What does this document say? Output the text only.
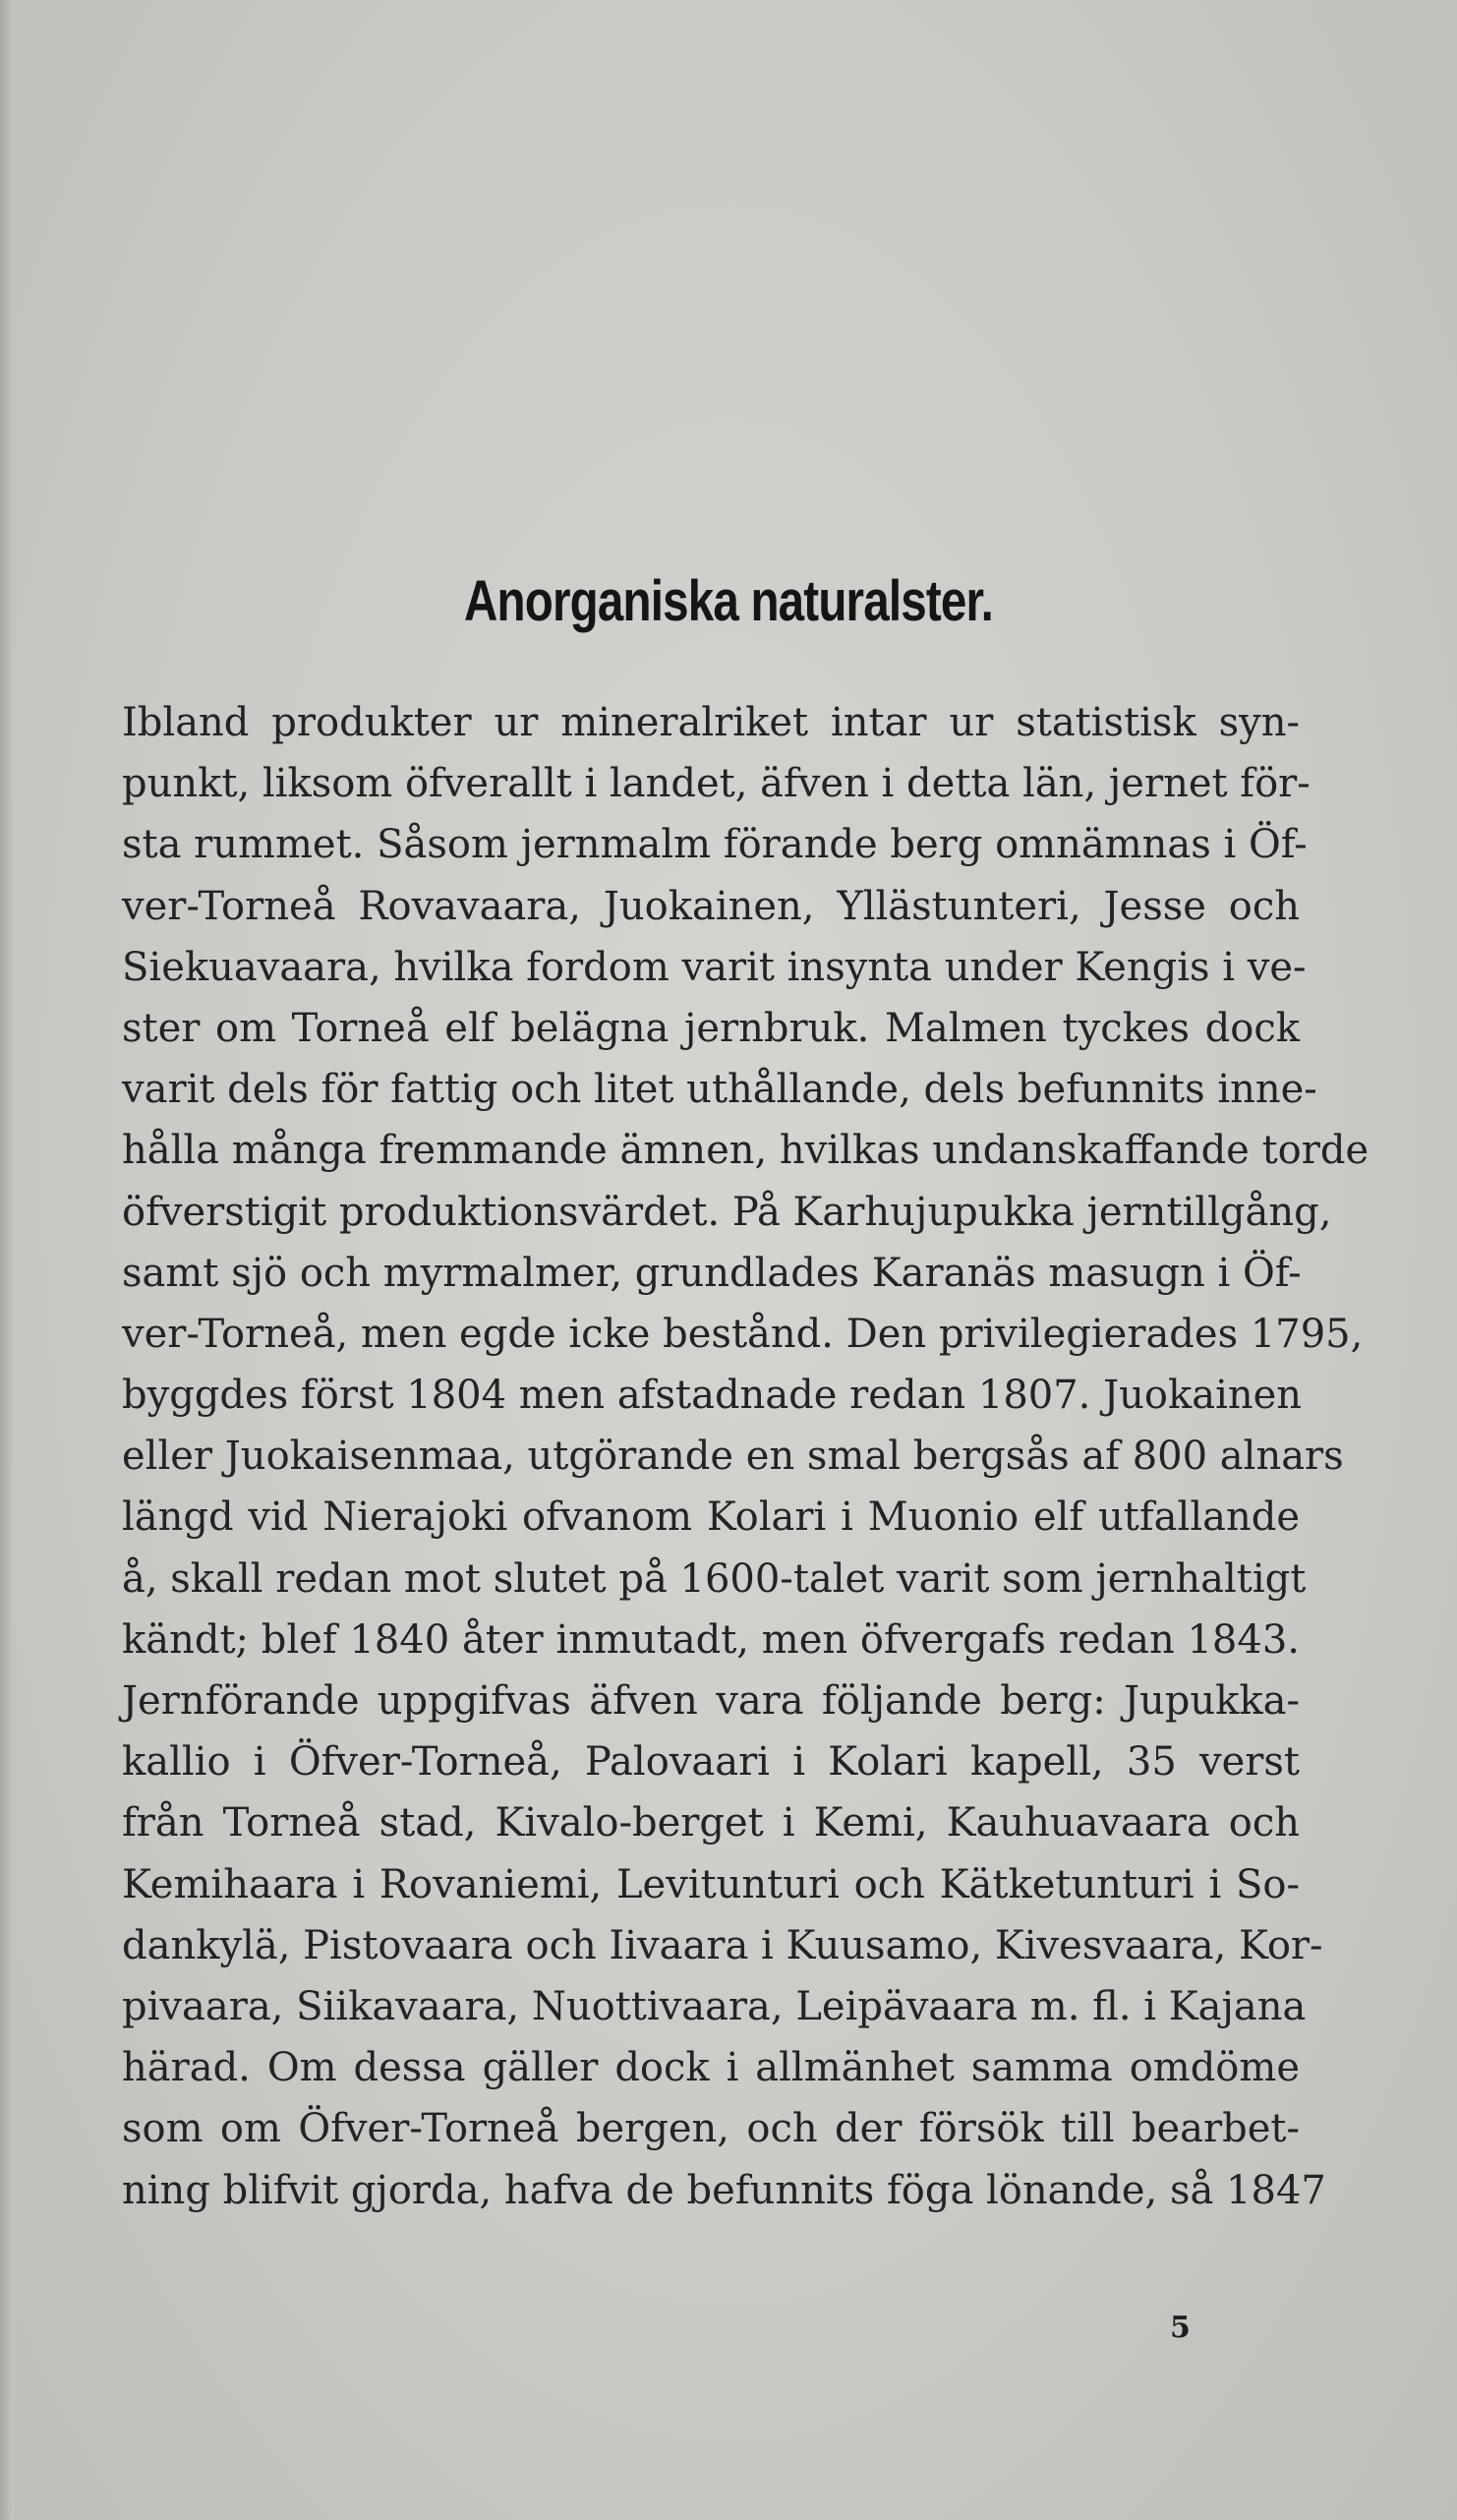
Anorganiska naturalster.
Ibland produkter ur mineralriket intar ur statistisk syn-
punkt, liksom öfverallt i landet, äfven i detta län, jernet för-
sta rummet. Såsom jernmalm förande berg omnämnas i Öf-
ver-Torneå Rovavaara, Juokainen, Yllästunteri, Jesse och
Siekuavaara, hvilka fordom varit insynta under Kengis i ve-
ster om Torneå elf belägna jernbruk. Malmen tyckes dock
varit dels för fattig och litet uthållande, dels befunnits inne-
hålla många fremmande ämnen, hvilkas undanskaffande torde
öfverstigit produktionsvärdet. På Karhujupukka jerntillgång,
samt sjö och myrmalmer, grundlades Karanäs masugn i Öf-
ver-Torneå, men egde icke bestånd. Den privilegierades 1795,
byggdes först 1804 men afstadnade redan 1807. Juokainen
eller Juokaisenmaa, utgörande en smal bergsås af 800 alnars
längd vid Nierajoki ofvanom Kolari i Muonio elf utfallande
å, skall redan mot slutet på 1600-talet varit som jernhaltigt
kändt; blef 1840 åter inmutadt, men öfvergafs redan 1843.
Jernförande uppgifvas äfven vara följande berg: Jupukka-
kallio i Öfver-Torneå, Palovaari i Kolari kapell, 35 verst
från Torneå stad, Kivalo-berget i Kemi, Kauhuavaara och
Kemihaara i Rovaniemi, Levitunturi och Kätketunturi i So-
dankylä, Pistovaara och Iivaara i Kuusamo, Kivesvaara, Kor-
pivaara, Siikavaara, Nuottivaara, Leipävaara m. fl. i Kajana
härad. Om dessa gäller dock i allmänhet samma omdöme
som om Öfver-Torneå bergen, och der försök till bearbet-
ning blifvit gjorda, hafva de befunnits föga lönande, så 1847
5
